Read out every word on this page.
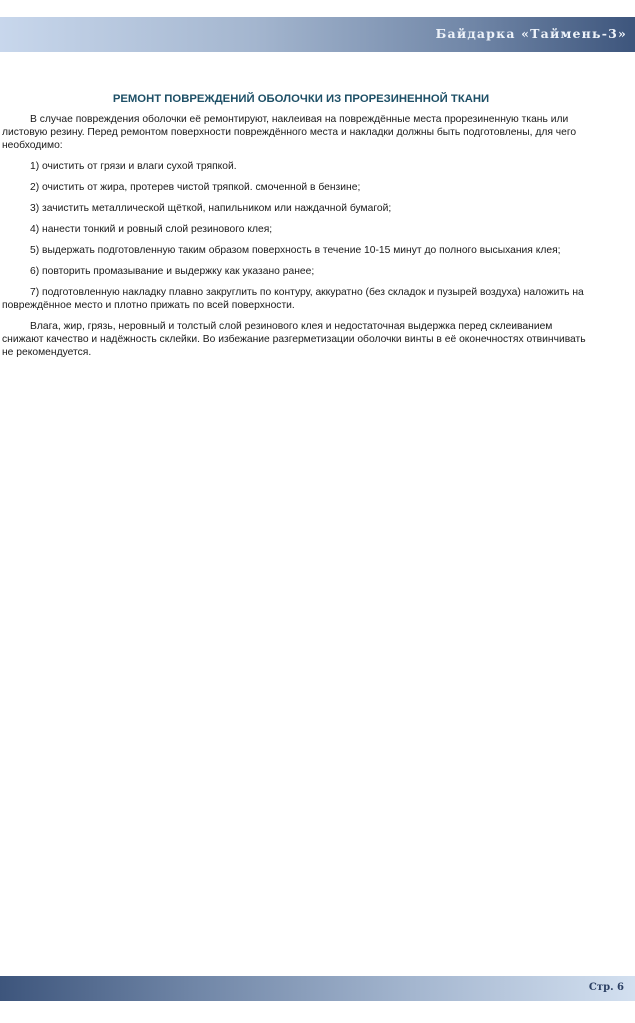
Байдарка «Таймень-3»
РЕМОНТ ПОВРЕЖДЕНИЙ ОБОЛОЧКИ ИЗ ПРОРЕЗИНЕННОЙ ТКАНИ

В случае повреждения оболочки её ремонтируют, наклеивая на повреждённые места прорезиненную ткань или листовую резину. Перед ремонтом поверхности повреждённого места и накладки должны быть подготовлены, для чего необходимо:

1) очистить от грязи и влаги сухой тряпкой.

2) очистить от жира, протерев чистой тряпкой. смоченной в бензине;

3) зачистить металлической щёткой, напильником или наждачной бумагой;

4) нанести тонкий и ровный слой резинового клея;

5) выдержать подготовленную таким образом поверхность в течение 10-15 минут до полного высыхания клея;

6) повторить промазывание и выдержку как указано ранее;

7) подготовленную накладку плавно закруглить по контуру, аккуратно (без складок и пузырей воздуха) наложить на повреждённое место и плотно прижать по всей поверхности.

Влага, жир, грязь, неровный и толстый слой резинового клея и недостаточная выдержка перед склеиванием снижают качество и надёжность склейки. Во избежание разгерметизации оболочки винты в её оконечностях отвинчивать не рекомендуется.

Стр. 6
